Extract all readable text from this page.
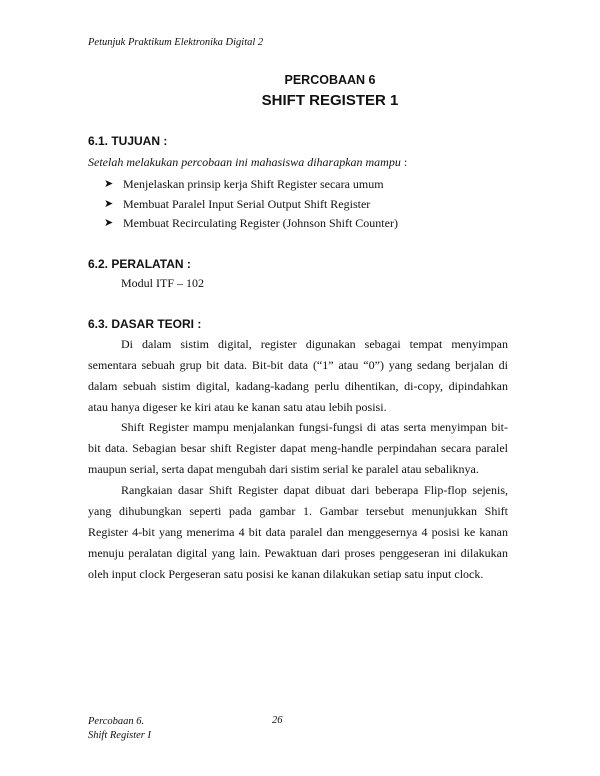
Petunjuk Praktikum Elektronika Digital 2
PERCOBAAN 6
SHIFT REGISTER 1
6.1. TUJUAN :
Setelah melakukan percobaan ini mahasiswa diharapkan mampu :
➤ Menjelaskan prinsip kerja Shift Register secara umum
➤ Membuat Paralel Input Serial Output Shift Register
➤ Membuat Recirculating Register (Johnson Shift Counter)
6.2. PERALATAN :
Modul ITF – 102
6.3. DASAR TEORI :

Di dalam sistim digital, register digunakan sebagai tempat menyimpan sementara sebuah grup bit data. Bit-bit data (“1” atau “0”) yang sedang berjalan di dalam sebuah sistim digital, kadang-kadang perlu dihentikan, di-copy, dipindahkan atau hanya digeser ke kiri atau ke kanan satu atau lebih posisi.

Shift Register mampu menjalankan fungsi-fungsi di atas serta menyimpan bit-bit data. Sebagian besar shift Register dapat meng-handle perpindahan secara paralel maupun serial, serta dapat mengubah dari sistim serial ke paralel atau sebaliknya.

Rangkaian dasar Shift Register dapat dibuat dari beberapa Flip-flop sejenis, yang dihubungkan seperti pada gambar 1. Gambar tersebut menunjukkan Shift Register 4-bit yang menerima 4 bit data paralel dan menggesernya 4 posisi ke kanan menuju peralatan digital yang lain. Pewaktuan dari proses penggeseran ini dilakukan oleh input clock Pergeseran satu posisi ke kanan dilakukan setiap satu input clock.

Percobaan 6.
Shift Register I
26
